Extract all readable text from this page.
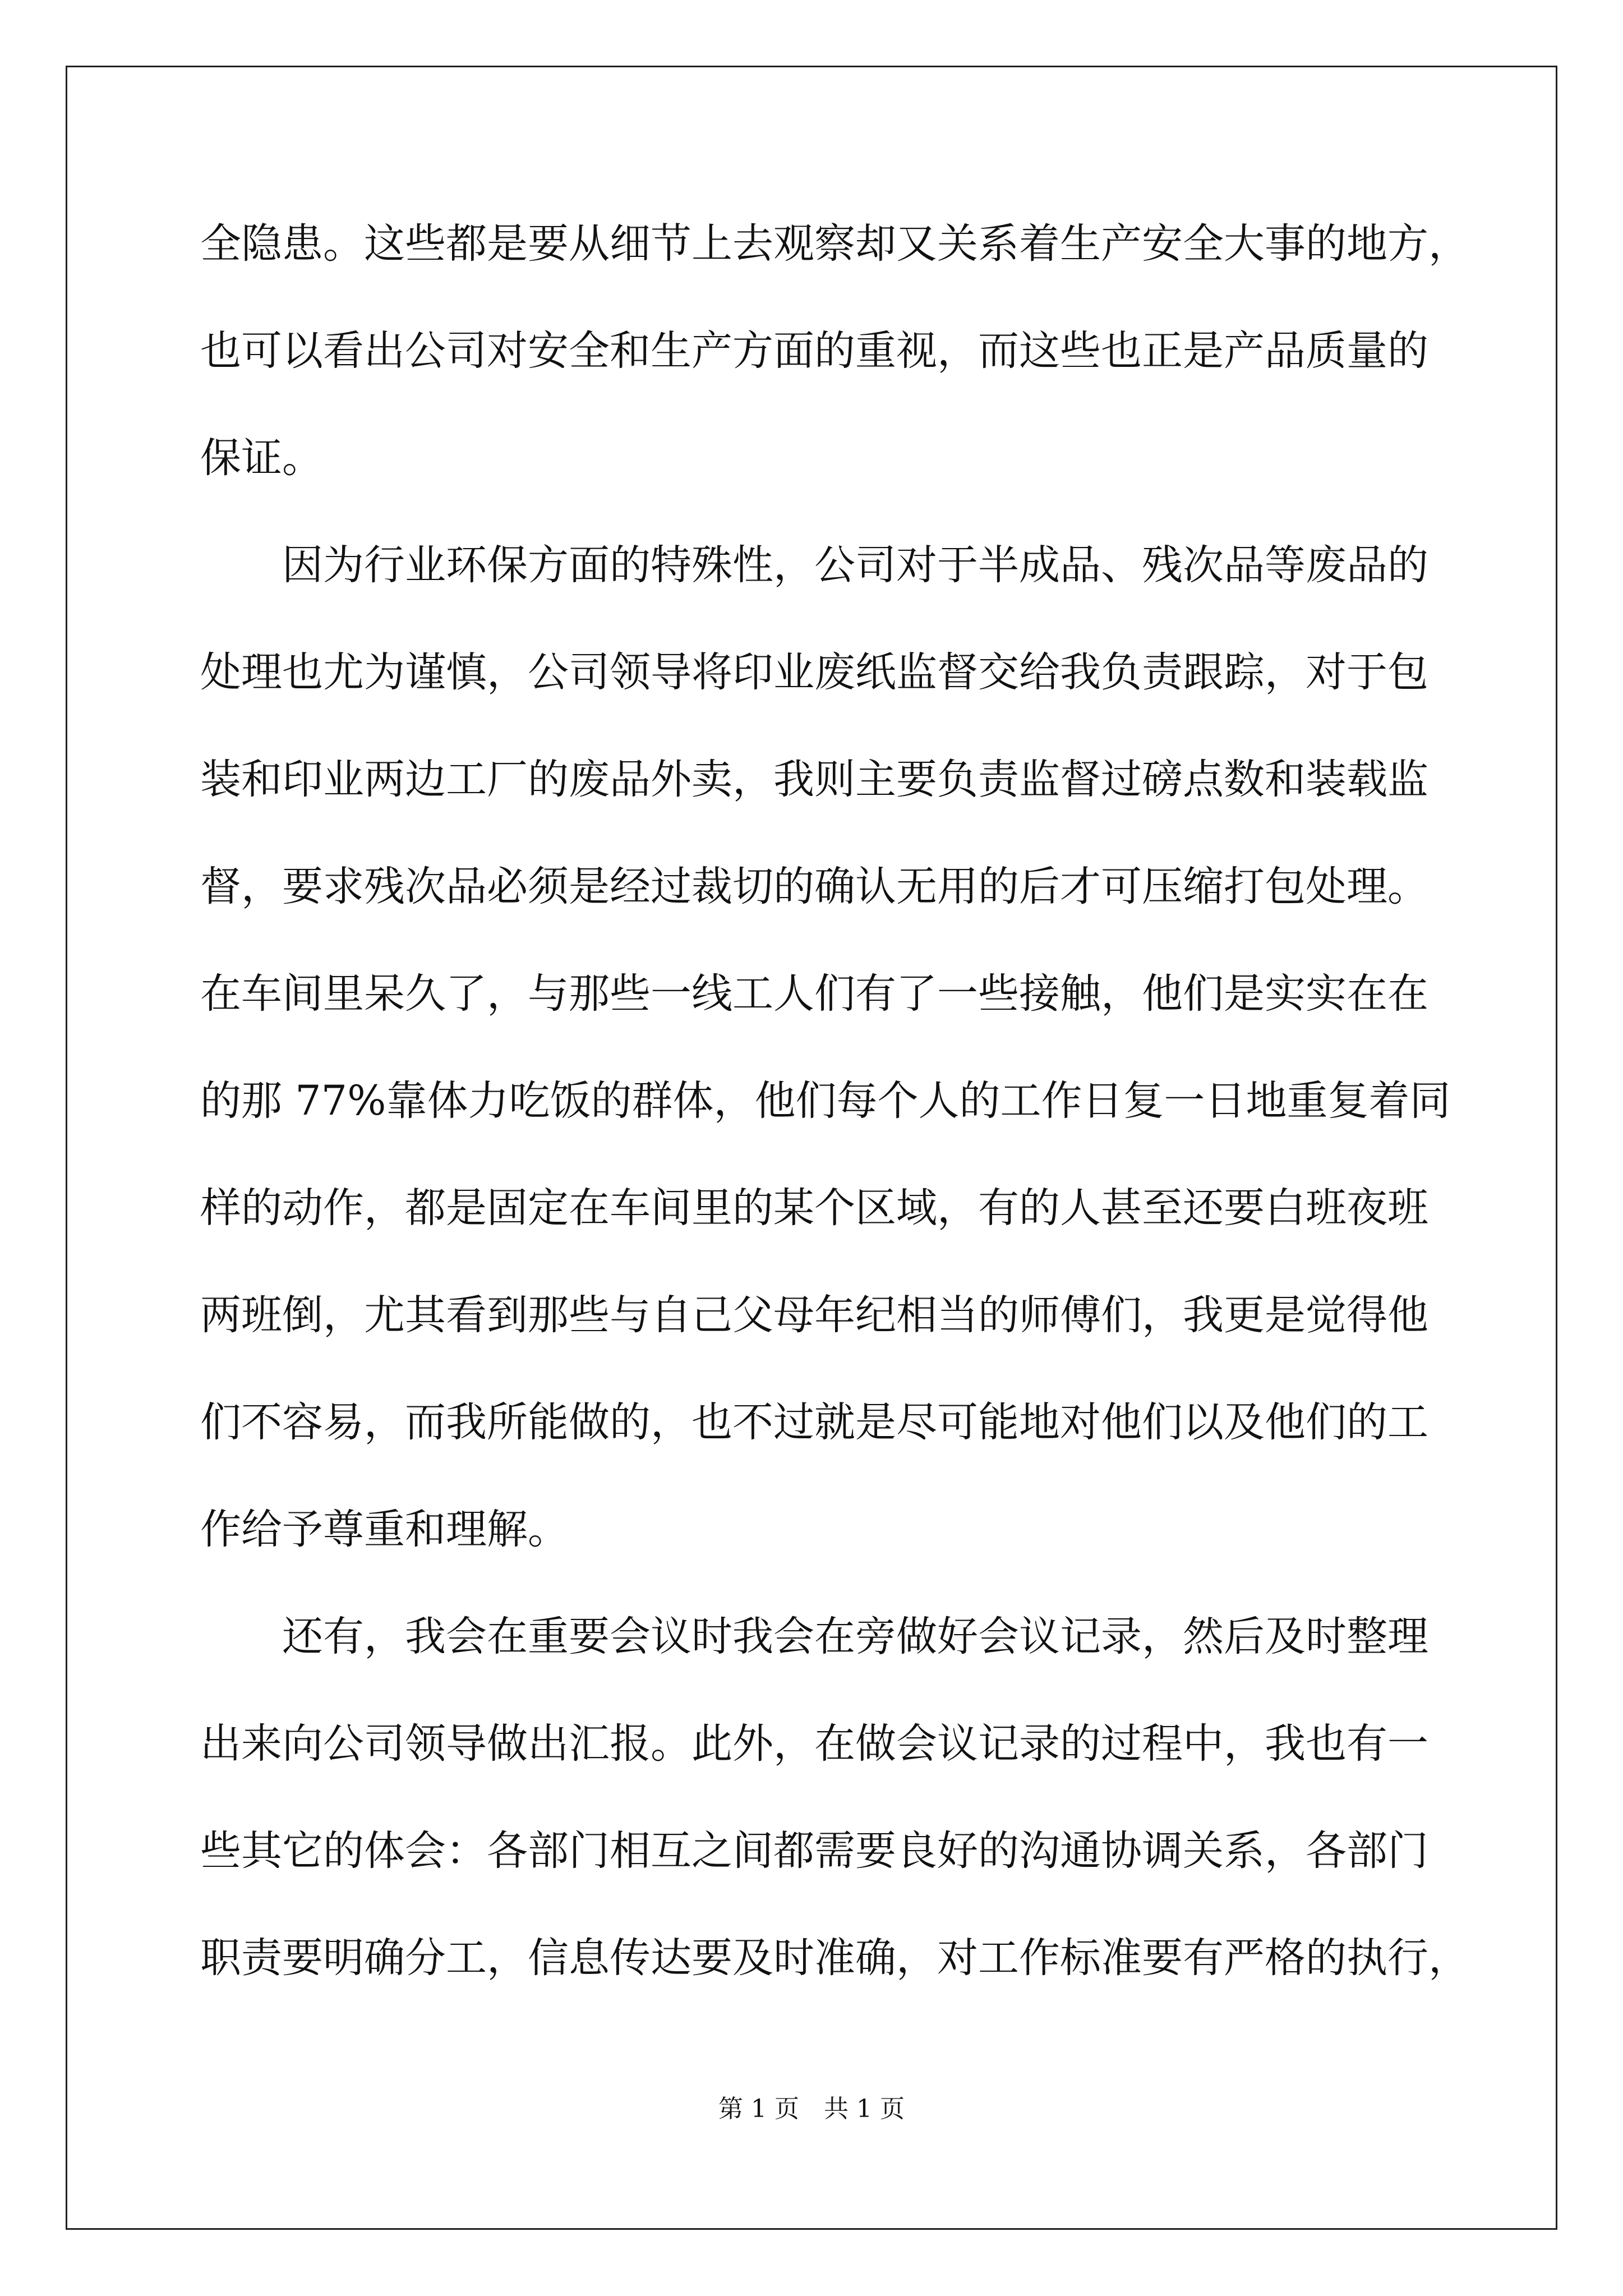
全隐患。这些都是要从细节上去观察却又关系着生产安全大事的地方，
也可以看出公司对安全和生产方面的重视，而这些也正是产品质量的
保证。
因为行业环保方面的特殊性，公司对于半成品、残次品等废品的
处理也尤为谨慎，公司领导将印业废纸监督交给我负责跟踪，对于包
装和印业两边工厂的废品外卖，我则主要负责监督过磅点数和装载监
督，要求残次品必须是经过裁切的确认无用的后才可压缩打包处理。
在车间里呆久了，与那些一线工人们有了一些接触，他们是实实在在
的那 77%靠体力吃饭的群体，他们每个人的工作日复一日地重复着同
样的动作，都是固定在车间里的某个区域，有的人甚至还要白班夜班
两班倒，尤其看到那些与自己父母年纪相当的师傅们，我更是觉得他
们不容易，而我所能做的，也不过就是尽可能地对他们以及他们的工
作给予尊重和理解。
还有，我会在重要会议时我会在旁做好会议记录，然后及时整理
出来向公司领导做出汇报。此外，在做会议记录的过程中，我也有一
些其它的体会：各部门相互之间都需要良好的沟通协调关系，各部门
职责要明确分工，信息传达要及时准确，对工作标准要有严格的执行，
第 1 页　共 1 页
